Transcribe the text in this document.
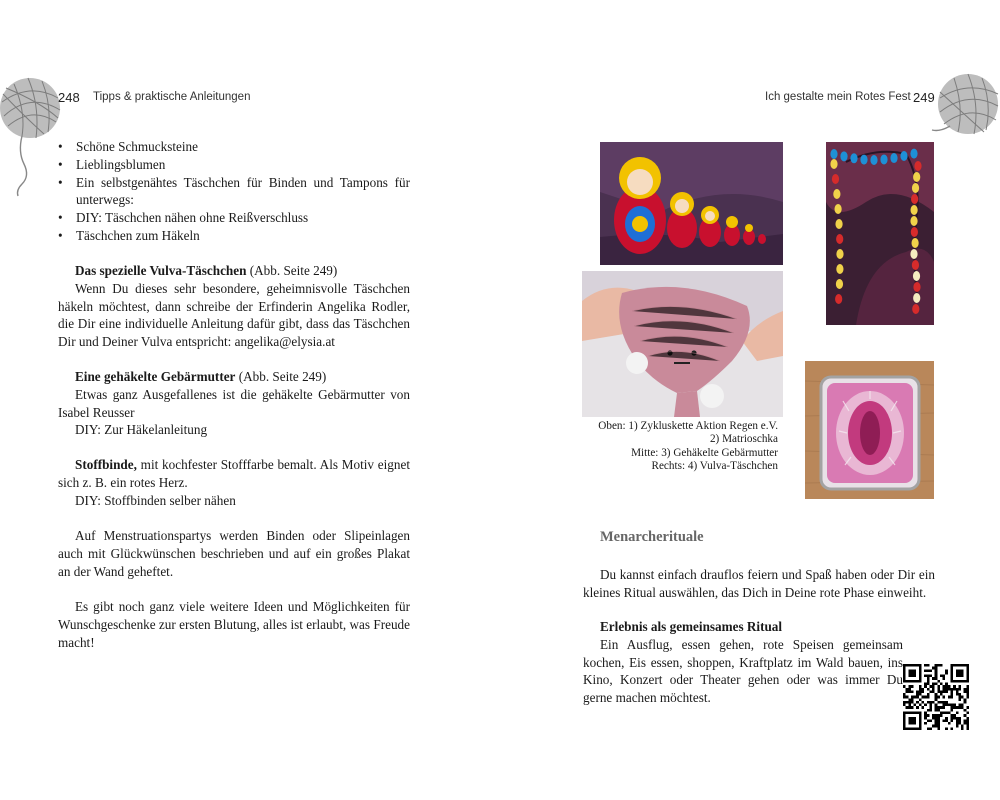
248 Tipps & praktische Anleitungen
• Schöne Schmucksteine
• Lieblingsblumen
• Ein selbstgenähtes Täschchen für Binden und Tampons für unterwegs:
• DIY: Täschchen nähen ohne Reißverschluss
• Täschchen zum Häkeln

Das spezielle Vulva-Täschchen (Abb. Seite 249)

Wenn Du dieses sehr besondere, geheimnisvolle Täschchen häkeln möchtest, dann schreibe der Erfinderin Angelika Rodler, die Dir eine individuelle Anleitung dafür gibt, dass das Täschchen Dir und Deiner Vulva entspricht: angelika@elysia.at

Eine gehäkelte Gebärmutter (Abb. Seite 249)

Etwas ganz Ausgefallenes ist die gehäkelte Gebärmutter von Isabel Reusser

DIY: Zur Häkelanleitung

Stoffbinde, mit kochfester Stofffarbe bemalt. Als Motiv eignet sich z. B. ein rotes Herz.

DIY: Stoffbinden selber nähen

Auf Menstruationspartys werden Binden oder Slipeinlagen auch mit Glückwünschen beschrieben und auf ein großes Plakat an der Wand geheftet.

Es gibt noch ganz viele weitere Ideen und Möglichkeiten für Wunschgeschenke zur ersten Blutung, alles ist erlaubt, was Freude macht!

Ich gestalte mein Rotes Fest 249
Oben: 1) Zykluskette Aktion Regen e.V.
2) Matrioschka
Mitte: 3) Gehäkelte Gebärmutter
Rechts: 4) Vulva-Täschchen
Menarcherituale

Du kannst einfach drauflos feiern und Spaß haben oder Dir ein kleines Ritual auswählen, das Dich in Deine rote Phase einweiht.

Erlebnis als gemeinsames Ritual

Ein Ausflug, essen gehen, rote Speisen gemeinsam kochen, Eis essen, shoppen, Kraftplatz im Wald bauen, ins Kino, Konzert oder Theater gehen oder was immer Du gerne machen möchtest.
